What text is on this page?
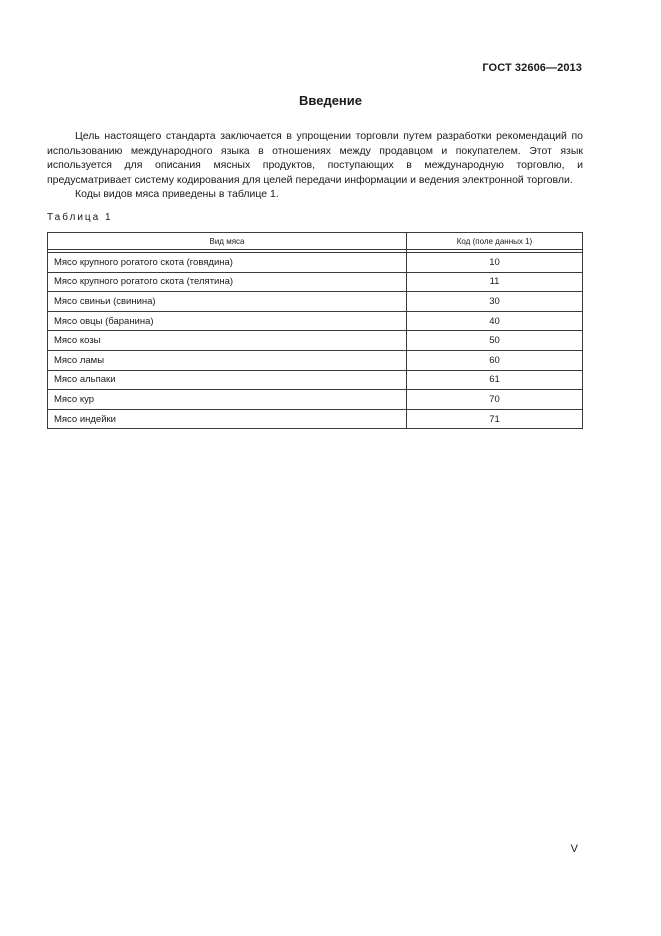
ГОСТ 32606—2013
Введение

Цель настоящего стандарта заключается в упрощении торговли путем разработки рекомендаций по использованию международного языка в отношениях между продавцом и покупателем. Этот язык используется для описания мясных продуктов, поступающих в международную торговлю, и предусматривает систему кодирования для целей передачи информации и ведения электронной торговли.

Коды видов мяса приведены в таблице 1.

Таблица 1
Вид мяса	Код (поле данных 1)

Мясо крупного рогатого скота (говядина)	10
Мясо крупного рогатого скота (телятина)	11
Мясо свиньи (свинина)	30
Мясо овцы (баранина)	40
Мясо козы	50
Мясо ламы	60
Мясо альпаки	61
Мясо кур	70
Мясо индейки	71
V
